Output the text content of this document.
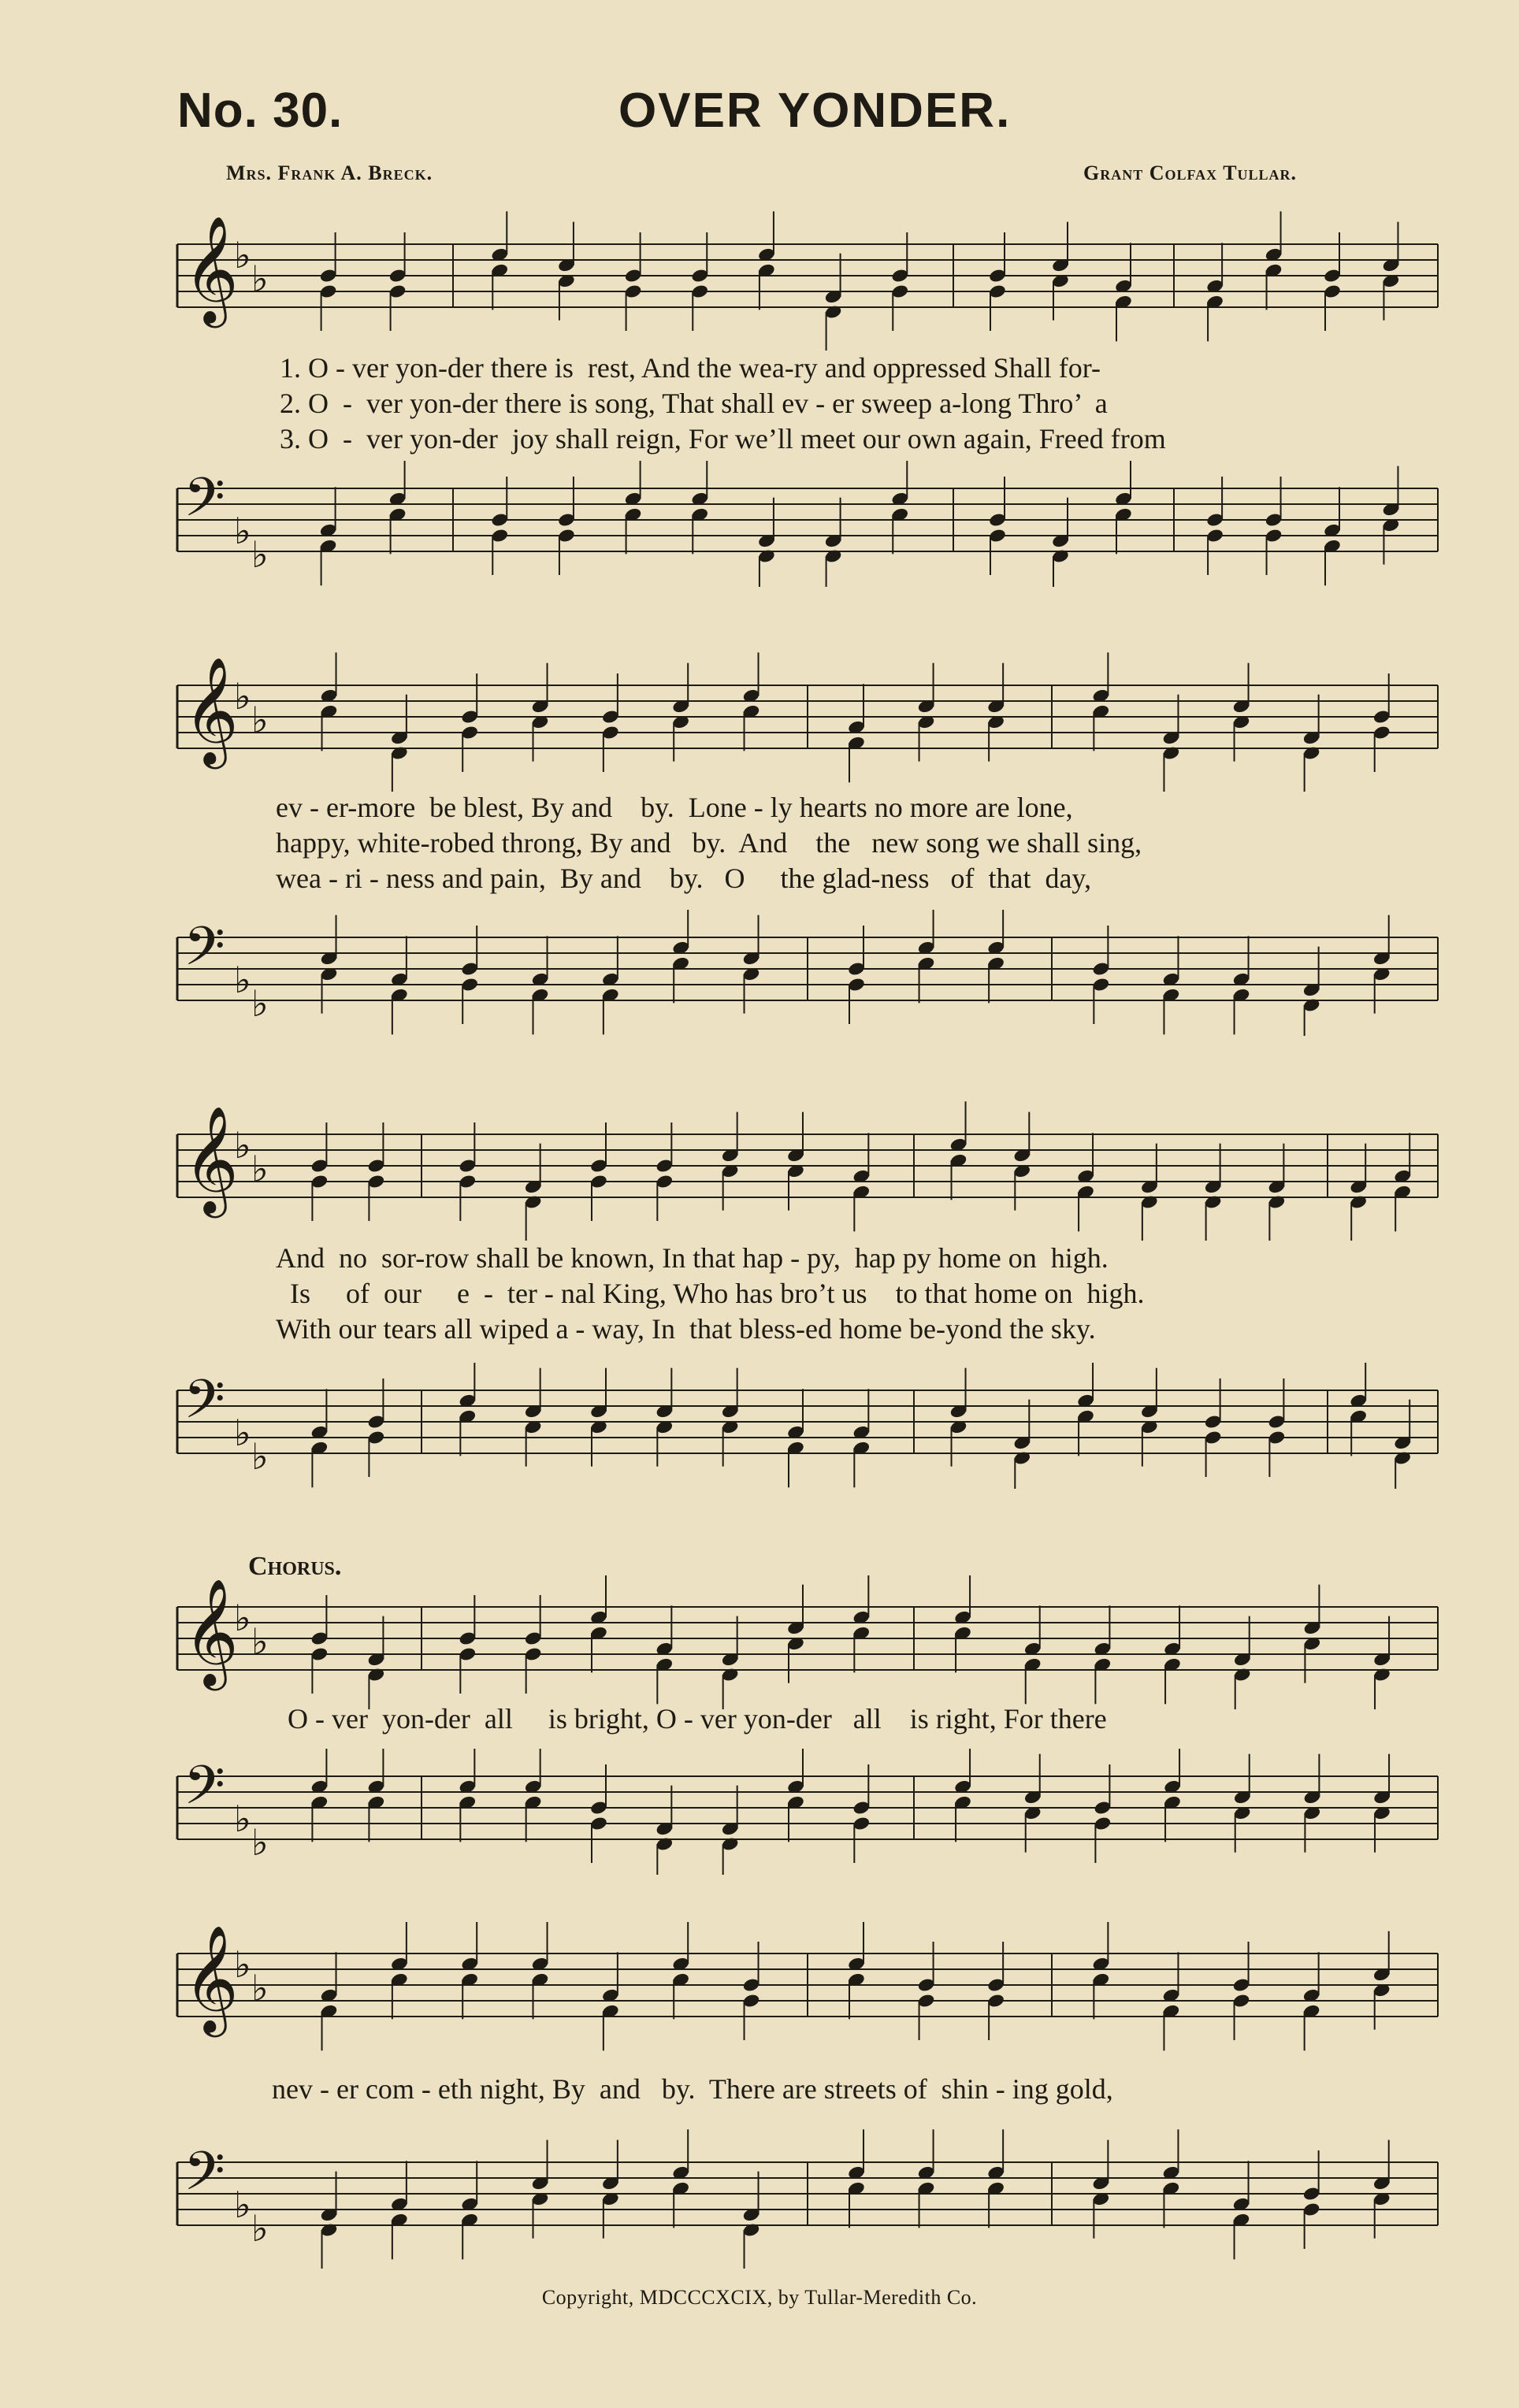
No. 30.	OVER YONDER.
Mrs. Frank A. Breck.	Grant Colfax Tullar.
𝄞
♭
♭
1. O - ver yon-der there is  rest, And the wea-ry and oppressed Shall for-
2. O  -  ver yon-der there is song, That shall ev - er sweep a-long Thro’  a
3. O  -  ver yon-der  joy shall reign, For we’ll meet our own again, Freed from
𝄢 ♭
♭
𝄞
♭
♭
ev - er-more  be blest, By and    by.  Lone - ly hearts no more are lone,
happy, white-robed throng, By and   by.  And    the   new song we shall sing,
wea - ri - ness and pain,  By and    by.   O     the glad-ness   of  that  day,
𝄢 ♭
♭
𝄞
♭
♭
And  no  sor-row shall be known, In that hap - py,  hap py home on  high.
Is     of  our     e  -  ter - nal King, Who has bro’t us    to that home on  high.
With our tears all wiped a - way, In  that bless-ed home be-yond the sky.
𝄢 ♭
♭
Chorus.
𝄞
♭
♭
O - ver  yon-der  all     is bright, O - ver yon-der   all    is right, For there
𝄢 ♭
♭
𝄞
♭
♭
nev - er com - eth night, By  and   by.  There are streets of  shin - ing gold,
𝄢 ♭
♭
Copyright, MDCCCXCIX, by Tullar-Meredith Co.
